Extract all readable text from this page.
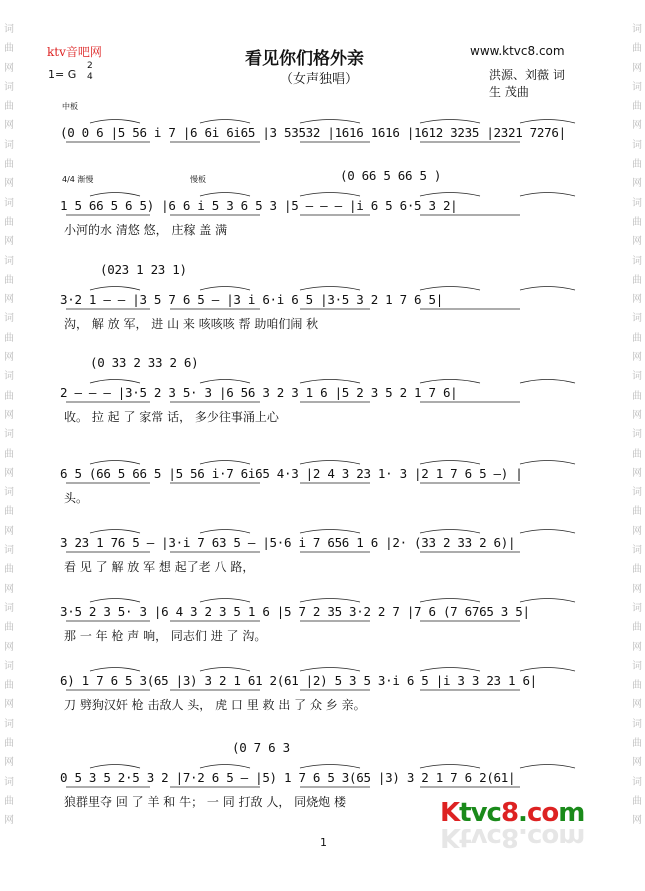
词
曲
网
词
曲
网
词
曲
网
词
曲
网
词
曲
网
词
曲
网
词
曲
网
词
曲
网
词
曲
网
词
曲
网
词
曲
网
词
曲
网
词
曲
网
词
曲
网
词
曲
网
词
曲
网
词
曲
网
词
曲
网
词
曲
网
词
曲
网
词
曲
网
词
曲
网
词
曲
网
词
曲
网
词
曲
网
词
曲
网
词
曲
网
词
曲
网
ktv音吧网	看见你们格外亲	www.ktvc8.com
（女声独唱）
1= G
2
4	洪源、刘薇 词
生 茂曲
中板
(0 0 6 |5 56 i 7 |6 6i 6i65 |3 53532 |1616 1616 |1612 3235 |2321 7276|
4/4 渐慢	慢板	(0 66 5 66 5 )
1 5 66 5 6 5) |6 6 i 5 3 6 5 3 |5 — — — |i 6 5 6·5 3 2|
小河的水 清悠 悠， 庄稼 盖 满
(023 1 23 1)
3·2 1 — — |3 5 7 6 5 — |3 i 6·i 6 5 |3·5 3 2 1 7 6 5|
沟， 解 放 军， 进 山 来 咳咳咳 帮 助咱们闹 秋
(0 33 2 33 2 6)
2 — — — |3·5 2 3 5· 3 |6 56 3 2 3 1 6 |5 2 3 5 2 1 7 6|
收。 拉 起 了 家常 话， 多少往事涌上心
6 5 (66 5 66 5 |5 56 i·7 6i65 4·3 |2 4 3 23 1· 3 |2 1 7 6 5 —) |
头。
3 23 1 76 5 — |3·i 7 63 5 — |5·6 i 7 656 1 6 |2· (33 2 33 2 6)|
看 见 了 解 放 军 想 起了老 八 路，
3·5 2 3 5· 3 |6 4 3 2 3 5 1 6 |5 7 2 35 3·2 2 7 |7 6 (7 6765 3 5|
那 一 年 枪 声 响， 同志们 进 了 沟。
6) 1 7 6 5 3(65 |3) 3 2 1 61 2(61 |2) 5 3 5 3·i 6 5 |i 3 3 23 1 6|
刀 劈狗汉奸 枪 击敌人 头， 虎 口 里 救 出 了 众 乡 亲。
(0 7 6 3
0 5 3 5 2·5 3 2 |7·2 6 5 — |5) 1 7 6 5 3(65 |3) 3 2 1 7 6 2(61|
狼群里夺 回 了 羊 和 牛； 一 同 打敌 人， 同烧炮 楼
1
Ktvc8.com
Ktvc8.com
